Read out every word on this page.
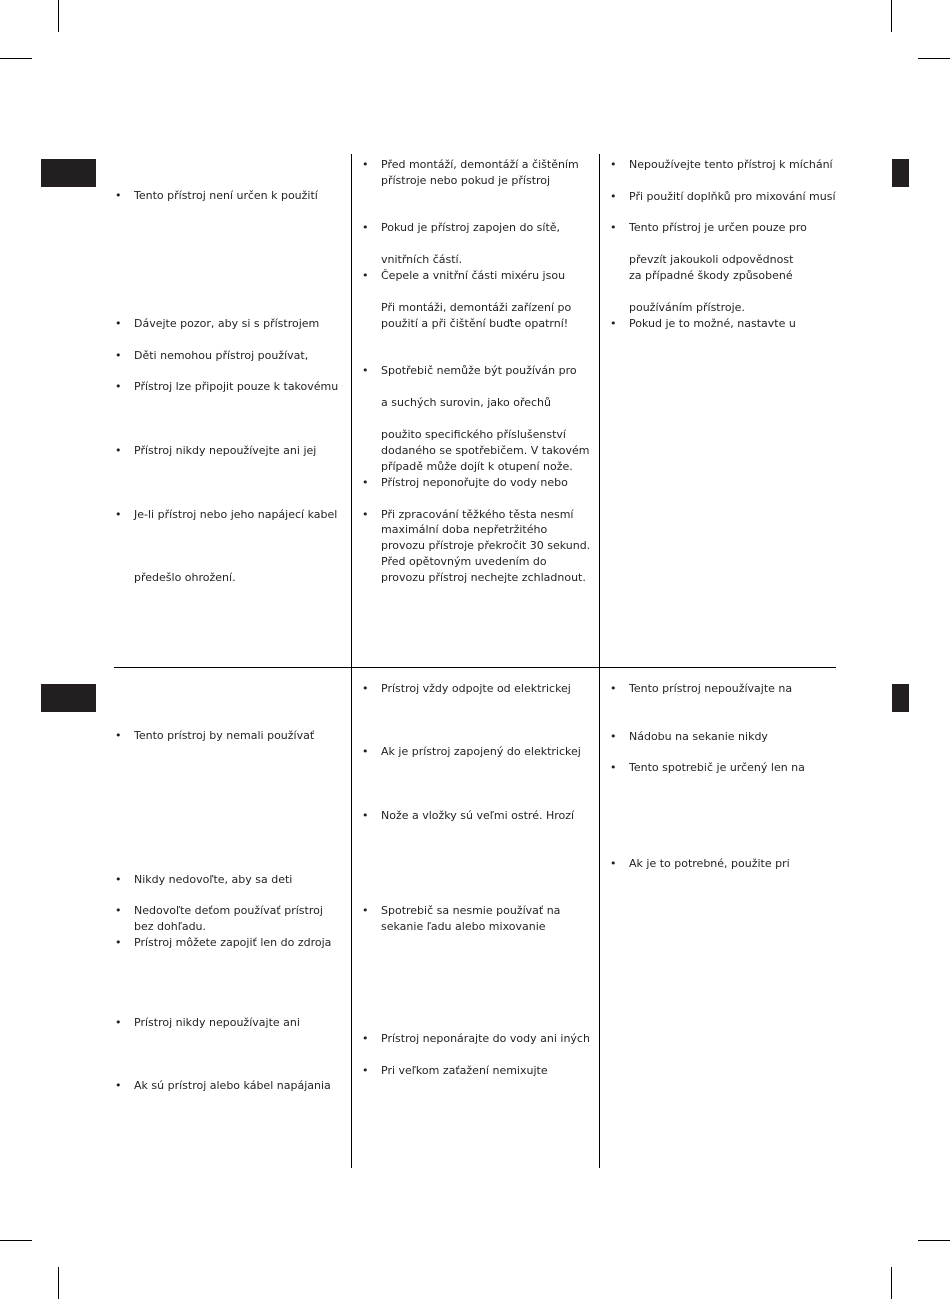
• Tento přístroj není určen k použití
• Dávejte pozor, aby si s přístrojem
• Děti nemohou přístroj používat,
• Přístroj lze připojit pouze k takovému
• Přístroj nikdy nepoužívejte ani jej
• Je-li přístroj nebo jeho napájecí kabel
předešlo ohrožení.
• Před montáží, demontáží a čištěním
přístroje nebo pokud je přístroj
• Pokud je přístroj zapojen do sítě,
vnitřních částí.
• Čepele a vnitřní části mixéru jsou
Při montáži, demontáži zařízení po
použití a při čištění buďte opatrní!
• Spotřebič nemůže být používán pro
a suchých surovin, jako ořechů
použito specifického příslušenství
dodaného se spotřebičem. V takovém
případě může dojít k otupení nože.
• Přístroj neponořujte do vody nebo
• Při zpracování těžkého těsta nesmí
maximální doba nepřetržitého
provozu přístroje překročit 30 sekund.
Před opětovným uvedením do
provozu přístroj nechejte zchladnout.
• Nepoužívejte tento přístroj k míchání
• Při použití doplňků pro mixování musí
• Tento přístroj je určen pouze pro
převzít jakoukoli odpovědnost
za případné škody způsobené
používáním přístroje.
• Pokud je to možné, nastavte u
• Tento prístroj by nemali používať
• Nikdy nedovoľte, aby sa deti
• Nedovoľte deťom používať prístroj
bez dohľadu.
• Prístroj môžete zapojiť len do zdroja
• Prístroj nikdy nepoužívajte ani
• Ak sú prístroj alebo kábel napájania
• Prístroj vždy odpojte od elektrickej
• Ak je prístroj zapojený do elektrickej
• Nože a vložky sú veľmi ostré. Hrozí
• Spotrebič sa nesmie používať na
sekanie ľadu alebo mixovanie
• Prístroj neponárajte do vody ani iných
• Pri veľkom zaťažení nemixujte
• Tento prístroj nepoužívajte na
• Nádobu na sekanie nikdy
• Tento spotrebič je určený len na
• Ak je to potrebné, použite pri
